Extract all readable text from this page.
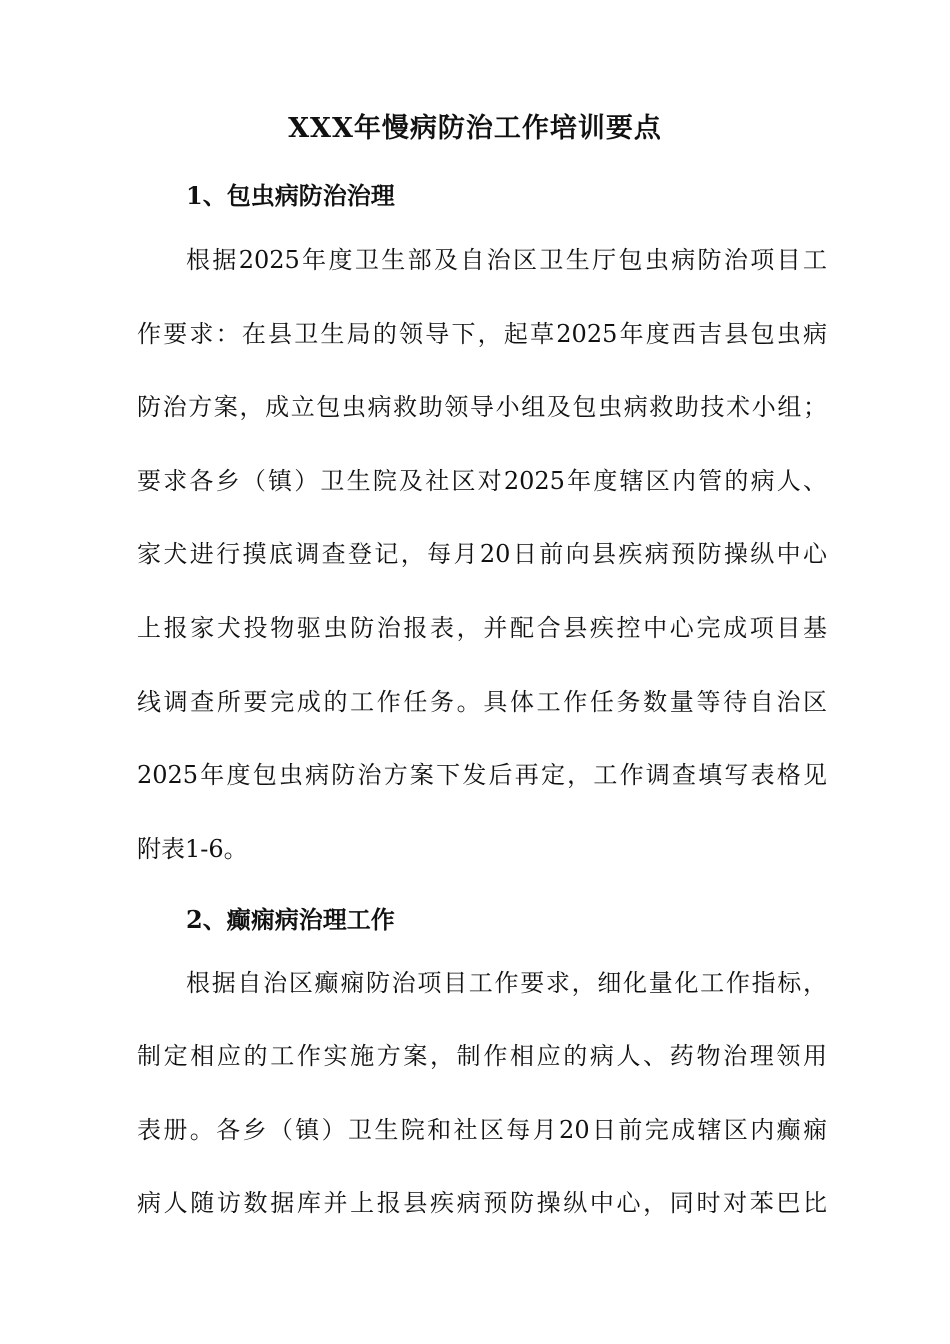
XXX年慢病防治工作培训要点
1、包虫病防治治理
根据2025年度卫生部及自治区卫生厅包虫病防治项目工
作要求：在县卫生局的领导下，起草2025年度西吉县包虫病
防治方案，成立包虫病救助领导小组及包虫病救助技术小组；
要求各乡（镇）卫生院及社区对2025年度辖区内管的病人、
家犬进行摸底调查登记，每月20日前向县疾病预防操纵中心
上报家犬投物驱虫防治报表，并配合县疾控中心完成项目基
线调查所要完成的工作任务。具体工作任务数量等待自治区
2025年度包虫病防治方案下发后再定，工作调查填写表格见
附表1-6。
2、癫痫病治理工作
根据自治区癫痫防治项目工作要求，细化量化工作指标，
制定相应的工作实施方案，制作相应的病人、药物治理领用
表册。各乡（镇）卫生院和社区每月20日前完成辖区内癫痫
病人随访数据库并上报县疾病预防操纵中心，同时对苯巴比
